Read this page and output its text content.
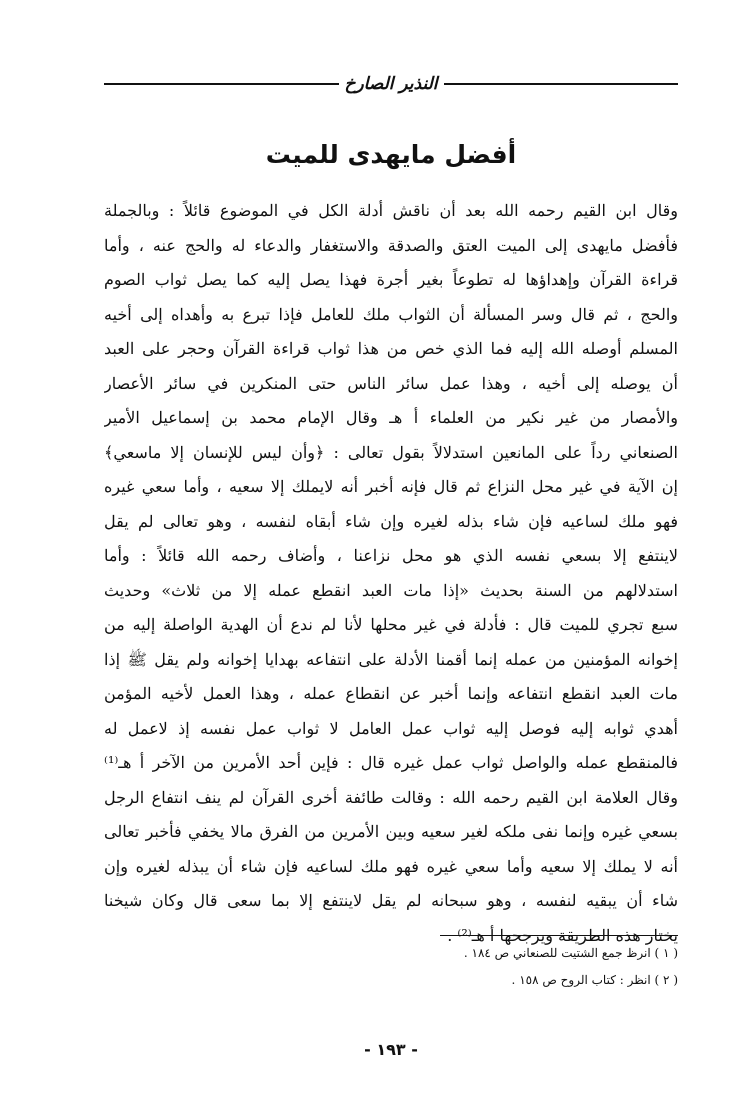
النذير الصارخ
أفضل مايهدى للميت
وقال ابن القيم رحمه الله بعد أن ناقش أدلة الكل في الموضوع قائلاً : وبالجملة
فأفضل مايهدى إلى الميت العتق والصدقة والاستغفار والدعاء له والحج عنه ، وأما
قراءة القرآن وإهداؤها له تطوعاً بغير أجرة فهذا يصل إليه كما يصل ثواب الصوم
والحج ، ثم قال وسر المسألة أن الثواب ملك للعامل فإذا تبرع به وأهداه إلى أخيه
المسلم أوصله الله إليه فما الذي خص من هذا ثواب قراءة القرآن وحجر على العبد
أن يوصله إلى أخيه ، وهذا عمل سائر الناس حتى المنكرين في سائر الأعصار
والأمصار من غير نكير من العلماء أ هـ وقال الإمام محمد بن إسماعيل الأمير
الصنعاني رداً على المانعين استدلالاً بقول تعالى : ﴿وأن ليس للإنسان إلا ماسعي﴾
إن الآية في غير محل النزاع ثم قال فإنه أخبر أنه لايملك إلا سعيه ، وأما سعي غيره
فهو ملك لساعيه فإن شاء بذله لغيره وإن شاء أبقاه لنفسه ، وهو تعالى لم يقل
لاينتفع إلا بسعي نفسه الذي هو محل نزاعنا ، وأضاف رحمه الله قائلاً : وأما
استدلالهم من السنة بحديث «إذا مات العبد انقطع عمله إلا من ثلاث» وحديث
سبع تجري للميت قال : فأدلة في غير محلها لأنا لم ندع أن الهدية الواصلة إليه من
إخوانه المؤمنين من عمله إنما أقمنا الأدلة على انتفاعه بهدايا إخوانه ولم يقل ﷺ إذا
مات العبد انقطع انتفاعه وإنما أخبر عن انقطاع عمله ، وهذا العمل لأخيه المؤمن
أهدي ثوابه إليه فوصل إليه ثواب عمل العامل لا ثواب عمل نفسه إذ لاعمل له
فالمنقطع عمله والواصل ثواب عمل غيره قال : فإين أحد الأمرين من الآخر أ هـ⁽¹⁾
وقال العلامة ابن القيم رحمه الله : وقالت طائفة أخرى القرآن لم ينف انتفاع الرجل
بسعي غيره وإنما نفى ملكه لغير سعيه وبين الأمرين من الفرق مالا يخفي فأخبر تعالى
أنه لا يملك إلا سعيه وأما سعي غيره فهو ملك لساعيه فإن شاء أن يبذله لغيره وإن
شاء أن يبقيه لنفسه ، وهو سبحانه لم يقل لاينتفع إلا بما سعى قال وكان شيخنا
يختار هذه الطريقة ويرجحها أ هـ⁽²⁾ .
( ١ ) انرظ جمع الشتيت للصنعاني ص ١٨٤ .
( ٢ ) انظر : كتاب الروح ص ١٥٨ .
- ١٩٣ -
